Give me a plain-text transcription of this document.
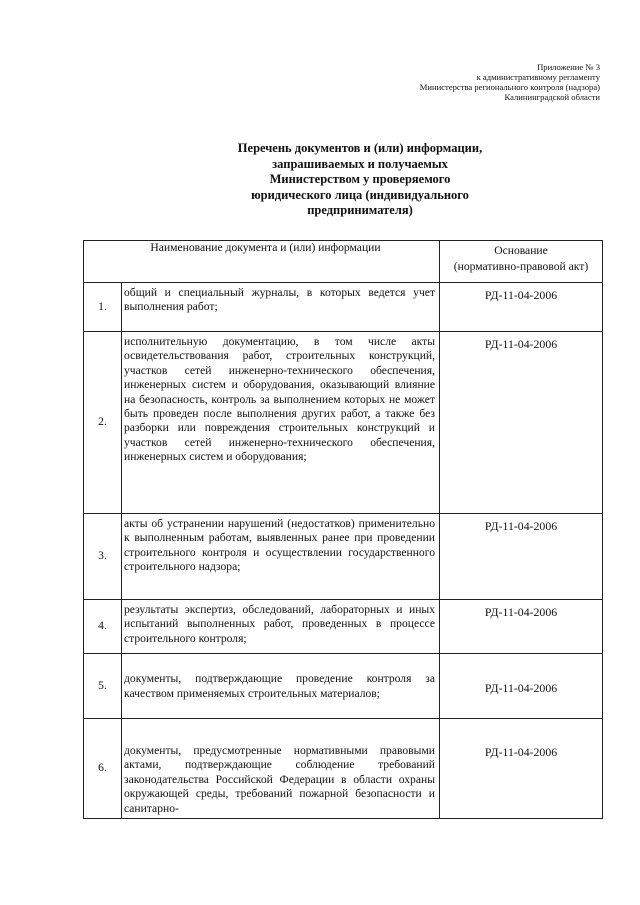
Приложение № 3
к административному регламенту
Министерства регионального контроля (надзора)
Калининградской области
Перечень документов и (или) информации,
запрашиваемых и получаемых
Министерством у проверяемого
юридического лица (индивидуального
предпринимателя)
Наименование документа и (или) информации		Основание
(нормативно-правовой акт)

1.	общий и специальный журналы, в которых ведется учет выполнения работ;	РД-11-04-2006

2.	исполнительную документацию, в том числе акты освидетельствования работ, строительных конструкций, участков сетей инженерно-технического обеспечения, инженерных систем и оборудования, оказывающий влияние на безопасность, контроль за выполнением которых не может быть проведен после выполнения других работ, а также без разборки или повреждения строительных конструкций и участков сетей инженерно-технического обеспечения, инженерных систем и оборудования;	РД-11-04-2006

3.	акты об устранении нарушений (недостатков) применительно к выполненным работам, выявленных ранее при проведении строительного контроля и осуществлении государственного строительного надзора;	РД-11-04-2006

4.	результаты экспертиз, обследований, лабораторных и иных испытаний выполненных работ, проведенных в процессе строительного контроля;	РД-11-04-2006

5.	документы, подтверждающие проведение контроля за качеством применяемых строительных материалов;	РД-11-04-2006

6.	документы, предусмотренные нормативными правовыми актами, подтверждающие соблюдение требований законодательства Российской Федерации в области охраны окружающей среды, требований пожарной безопасности и санитарно-	РД-11-04-2006
